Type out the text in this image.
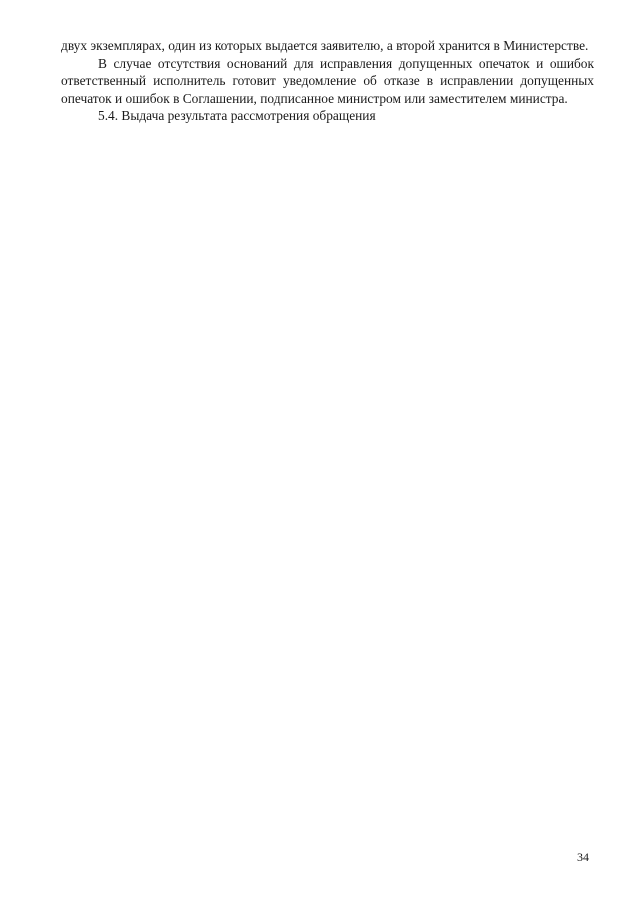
двух экземплярах, один из которых выдается заявителю, а второй хранится в Министерстве.

В случае отсутствия оснований для исправления допущенных опечаток и ошибок ответственный исполнитель готовит уведомление об отказе в исправлении допущенных опечаток и ошибок в Соглашении, подписанное министром или заместителем министра.

5.4. Выдача результата рассмотрения обращения

34
